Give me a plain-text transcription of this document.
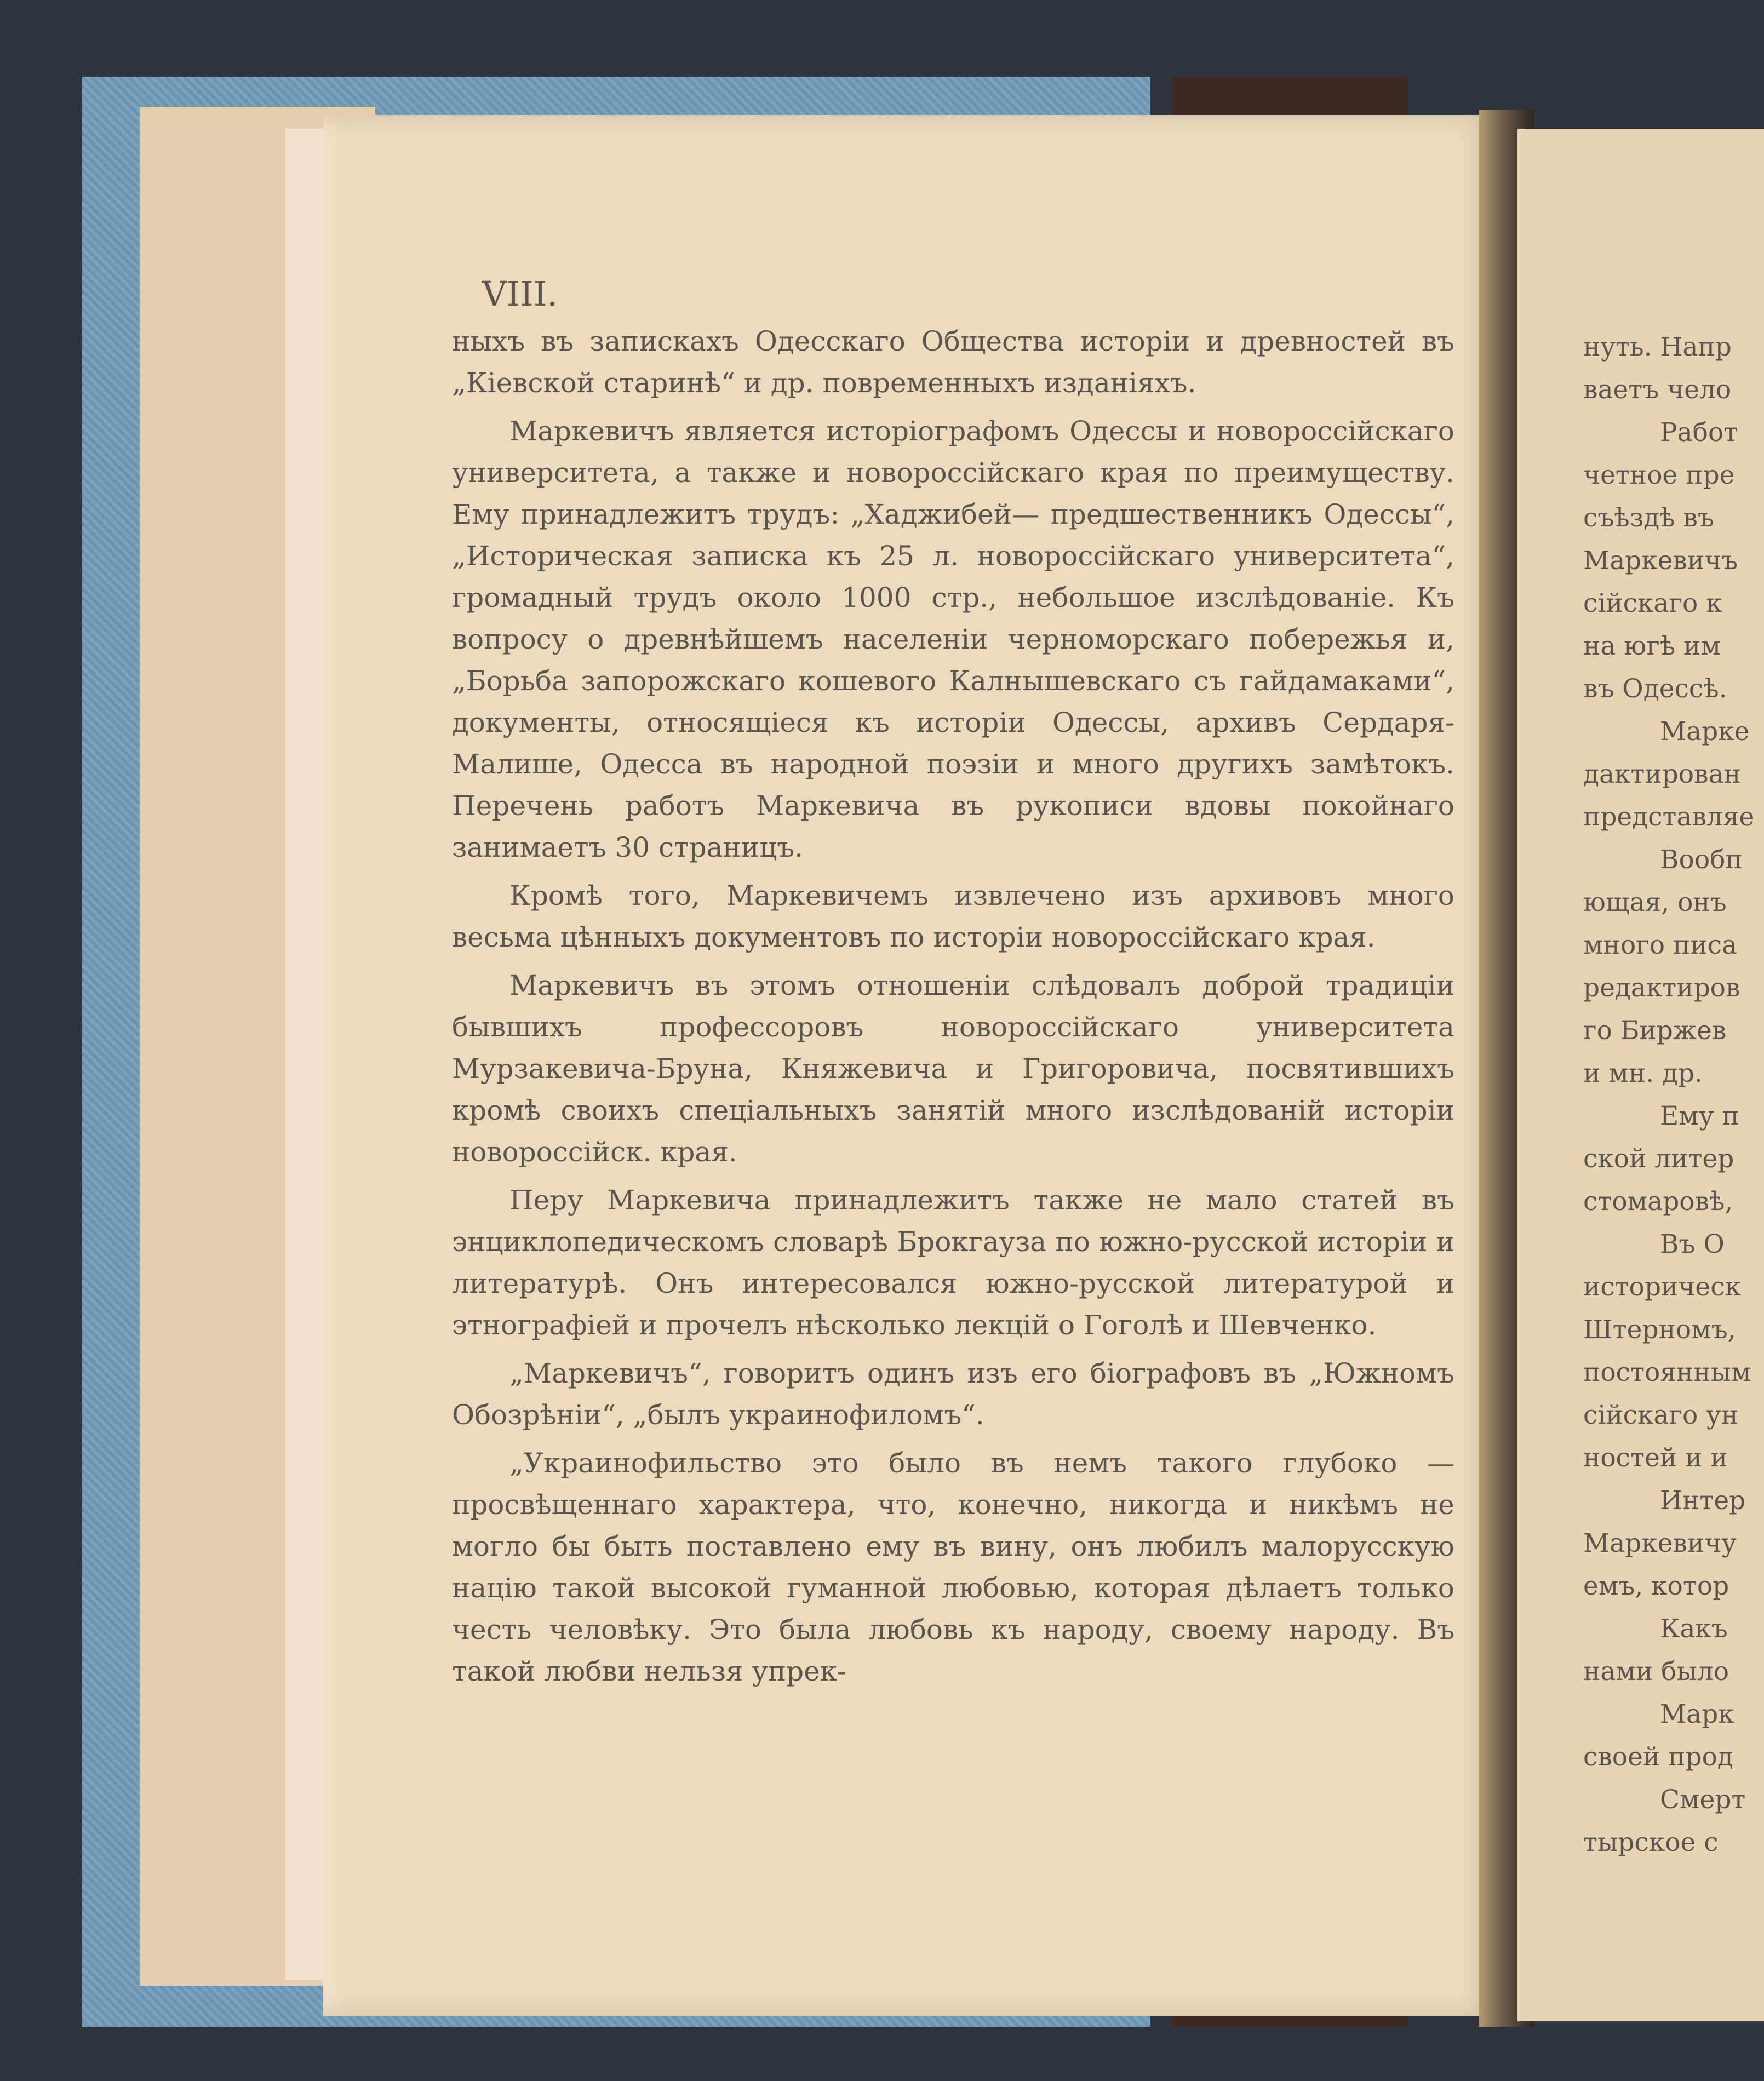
VIII.

ныхъ въ запискахъ Одесскаго Общества исторіи и древностей въ „Кіевской старинѣ“ и др. повременныхъ изданіяхъ.

Маркевичъ является исторіографомъ Одессы и новороссійскаго университета, а также и новороссійскаго края по преимуществу. Ему принадлежитъ трудъ: „Хаджибей— предшественникъ Одессы“, „Историческая записка къ 25 л. новороссійскаго университета“, громадный трудъ около 1000 стр., небольшое изслѣдованіе. Къ вопросу о древнѣйшемъ населеніи черноморскаго побережья и, „Борьба запорожскаго кошевого Калнышевскаго съ гайдамаками“, документы, относящіеся къ исторіи Одессы, архивъ Сердаря-Малише, Одесса въ народной поэзіи и много другихъ замѣтокъ. Перечень работъ Маркевича въ рукописи вдовы покойнаго занимаетъ 30 страницъ.

Кромѣ того, Маркевичемъ извлечено изъ архивовъ много весьма цѣнныхъ документовъ по исторіи новороссійскаго края.

Маркевичъ въ этомъ отношеніи слѣдовалъ доброй традиціи бывшихъ профессоровъ новороссійскаго университета Мурзакевича-Бруна, Княжевича и Григоровича, посвятившихъ кромѣ своихъ спеціальныхъ занятій много изслѣдованій исторіи новороссійск. края.

Перу Маркевича принадлежитъ также не мало статей въ энциклопедическомъ словарѣ Брокгауза по южно-русской исторіи и литературѣ. Онъ интересовался южно-русской литературой и этнографіей и прочелъ нѣсколько лекцій о Гоголѣ и Шевченко.

„Маркевичъ“, говоритъ одинъ изъ его біографовъ въ „Южномъ Обозрѣніи“, „былъ украинофиломъ“.

„Украинофильство это было въ немъ такого глубоко —просвѣщеннаго характера, что, конечно, никогда и никѣмъ не могло бы быть поставлено ему въ вину, онъ любилъ малорусскую націю такой высокой гуманной любовью, которая дѣлаетъ только честь человѣку. Это была любовь къ народу, своему народу. Въ такой любви нельзя упрек-

нуть. Напр
ваетъ чело
Работ
четное пре
съѣздѣ въ
Маркевичъ
сійскаго к
на югѣ им
въ Одессѣ.
Марке
дактирован
представляе
Вообп
ющая, онъ
много писа
редактиров
го Биржев
и мн. др.
Ему п
ской литер
стомаровѣ,
Въ О
историческ
Штерномъ,
постоянным
сійскаго ун
ностей и и
Интер
Маркевичу
емъ, котор
Какъ
нами было
Марк
своей прод
Смерт
тырское с
